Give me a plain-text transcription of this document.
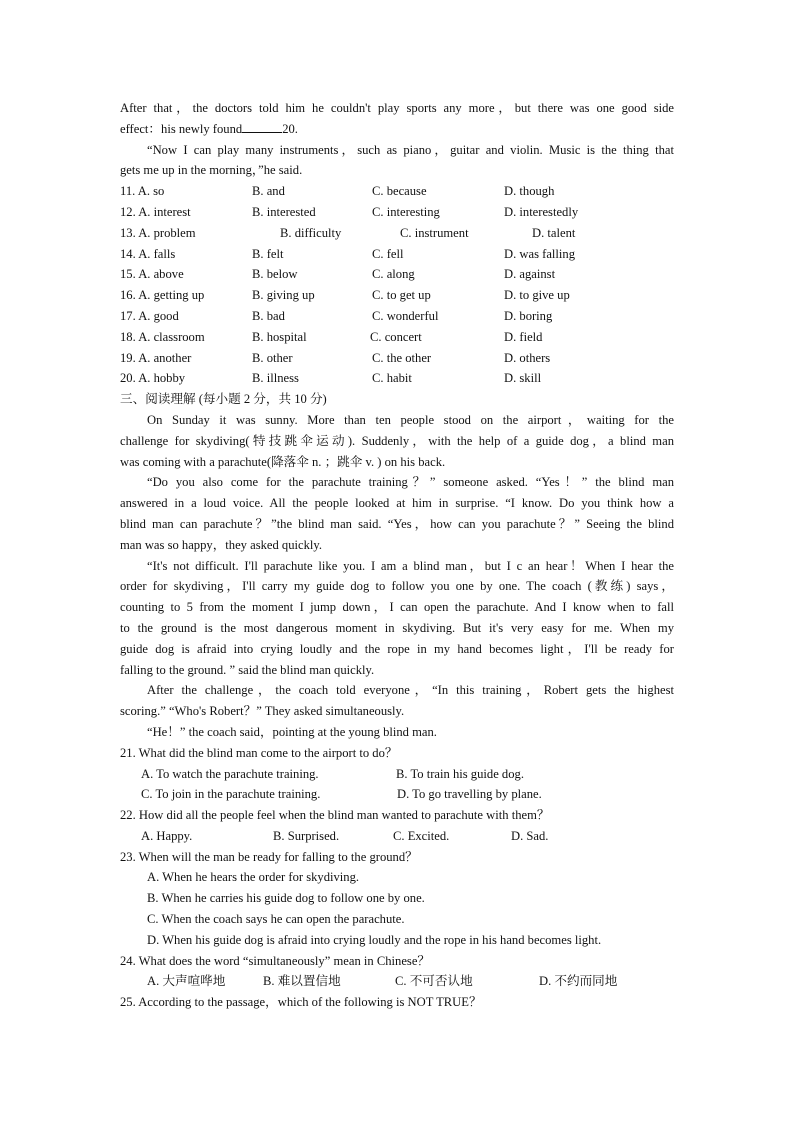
After that，the doctors told him he couldn't play sports any more，but there was one good side
effect：his newly found	20.
“Now I can play many instruments，such as piano，guitar and violin. Music is the thing that
gets me up in the morning，”he said.
11. A. so	B. and	C. because	D. though
12. A. interest	B. interested	C. interesting	D. interestedly
13. A. problem	B. difficulty	C. instrument	D. talent
14. A. falls	B. felt	C. fell	D. was falling
15. A. above	B. below	C. along	D. against
16. A. getting up	B. giving up	C. to get up	D. to give up
17. A. good	B. bad	C. wonderful	D. boring
18. A. classroom	B. hospital	C. concert	D. field
19. A. another	B. other	C. the other	D. others
20. A. hobby	B. illness	C. habit	D. skill
三、阅读理解 (每小题 2 分，共 10 分)
On Sunday it was sunny. More than ten people stood on the airport，waiting for the
challenge for skydiving(特技跳伞运动). Suddenly，with the help of a guide dog，a blind man
was coming with a parachute(降落伞 n. ；跳伞 v. ) on his back.
“Do you also come for the parachute training？” someone asked. “Yes！” the blind man
answered in a loud voice. All the people looked at him in surprise. “I know. Do you think how a
blind man can parachute？”the blind man said. “Yes，how can you parachute？” Seeing the blind
man was so happy，they asked quickly.
“It's not difficult. I'll parachute like you. I am a blind man，but I c an hear！When I hear the
order for skydiving，I'll carry my guide dog to follow you one by one. The coach (教练) says，
counting to 5 from the moment I jump down，I can open the parachute. And I know when to fall
to the ground is the most dangerous moment in skydiving. But it's very easy for me. When my
guide dog is afraid into crying loudly and the rope in my hand becomes light，I'll be ready for
falling to the ground. ” said the blind man quickly.
After the challenge，the coach told everyone，“In this training，Robert gets the highest
scoring.” “Who's Robert？” They asked simultaneously.
“He！” the coach said，pointing at the young blind man.
21. What did the blind man come to the airport to do？
A. To watch the parachute training.	B. To train his guide dog.
C. To join in the parachute training.	D. To go travelling by plane.
22. How did all the people feel when the blind man wanted to parachute with them？
A. Happy.	B. Surprised.	C. Excited.	D. Sad.
23. When will the man be ready for falling to the ground？
A. When he hears the order for skydiving.
B. When he carries his guide dog to follow one by one.
C. When the coach says he can open the parachute.
D. When his guide dog is afraid into crying loudly and the rope in his hand becomes light.
24. What does the word “simultaneously” mean in Chinese？
A. 大声喧哗地	B. 难以置信地	C. 不可否认地	D. 不约而同地
25. According to the passage，which of the following is NOT TRUE？
